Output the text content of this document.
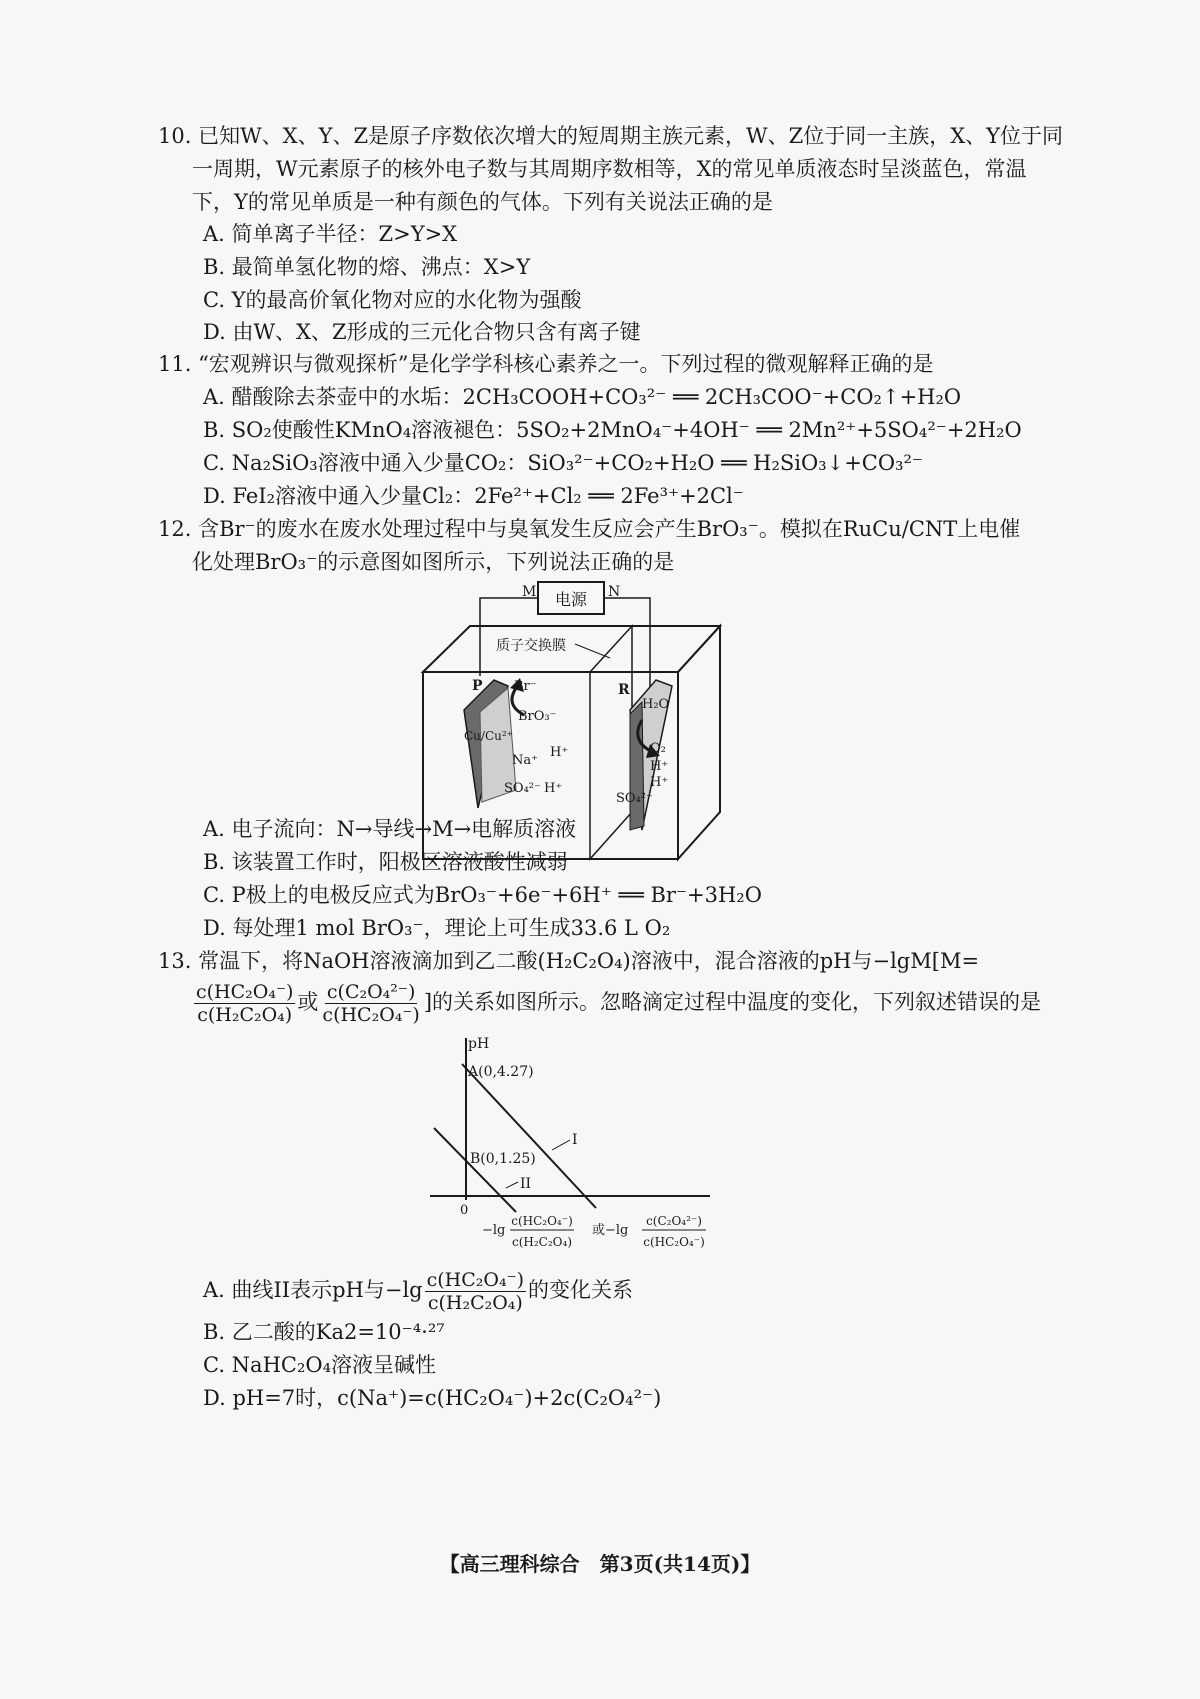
10. 已知W、X、Y、Z是原子序数依次增大的短周期主族元素，W、Z位于同一主族，X、Y位于同
一周期，W元素原子的核外电子数与其周期序数相等，X的常见单质液态时呈淡蓝色，常温
下，Y的常见单质是一种有颜色的气体。下列有关说法正确的是
A. 简单离子半径：Z>Y>X
B. 最简单氢化物的熔、沸点：X>Y
C. Y的最高价氧化物对应的水化物为强酸
D. 由W、X、Z形成的三元化合物只含有离子键
11. “宏观辨识与微观探析”是化学学科核心素养之一。下列过程的微观解释正确的是
A. 醋酸除去茶壶中的水垢：2CH₃COOH+CO₃²⁻ ══ 2CH₃COO⁻+CO₂↑+H₂O
B. SO₂使酸性KMnO₄溶液褪色：5SO₂+2MnO₄⁻+4OH⁻ ══ 2Mn²⁺+5SO₄²⁻+2H₂O
C. Na₂SiO₃溶液中通入少量CO₂：SiO₃²⁻+CO₂+H₂O ══ H₂SiO₃↓+CO₃²⁻
D. FeI₂溶液中通入少量Cl₂：2Fe²⁺+Cl₂ ══ 2Fe³⁺+2Cl⁻
12. 含Br⁻的废水在废水处理过程中与臭氧发生反应会产生BrO₃⁻。模拟在RuCu/CNT上电催
化处理BrO₃⁻的示意图如图所示，下列说法正确的是
电源
M	N
质子交换膜
P
Cu/Cu²⁺
Br⁻
BrO₃⁻
Na⁺
H⁺
SO₄²⁻ H⁺
R
H₂O
O₂
H⁺
H⁺
SO₄²⁻
A. 电子流向：N→导线→M→电解质溶液
B. 该装置工作时，阳极区溶液酸性减弱
C. P极上的电极反应式为BrO₃⁻+6e⁻+6H⁺ ══ Br⁻+3H₂O
D. 每处理1 mol BrO₃⁻，理论上可生成33.6 L O₂
13. 常温下，将NaOH溶液滴加到乙二酸(H₂C₂O₄)溶液中，混合溶液的pH与−lgM[M=
$\frac{\text{c(HC₂O₄⁻)}}{\text{c(H₂C₂O₄)}}$ 或 $\frac{\text{c(C₂O₄²⁻)}}{\text{c(HC₂O₄⁻)}}$ ]的关系如图所示。忽略滴定过程中温度的变化，下列叙述错误的是
pH
0
A(0,4.27)
B(0,1.25)
I
II
−lg
c(HC₂O₄⁻)
c(H₂C₂O₄)
或−lg
c(C₂O₄²⁻)
c(HC₂O₄⁻)
A. 曲线II表示pH与$-\lg \frac{\text{c(HC₂O₄⁻)}}{\text{c(H₂C₂O₄)}}$ 的变化关系
B. 乙二酸的Ka2=10⁻⁴·²⁷
C. NaHC₂O₄溶液呈碱性
D. pH=7时，c(Na⁺)=c(HC₂O₄⁻)+2c(C₂O₄²⁻)
【高三理科综合　第3页(共14页)】
